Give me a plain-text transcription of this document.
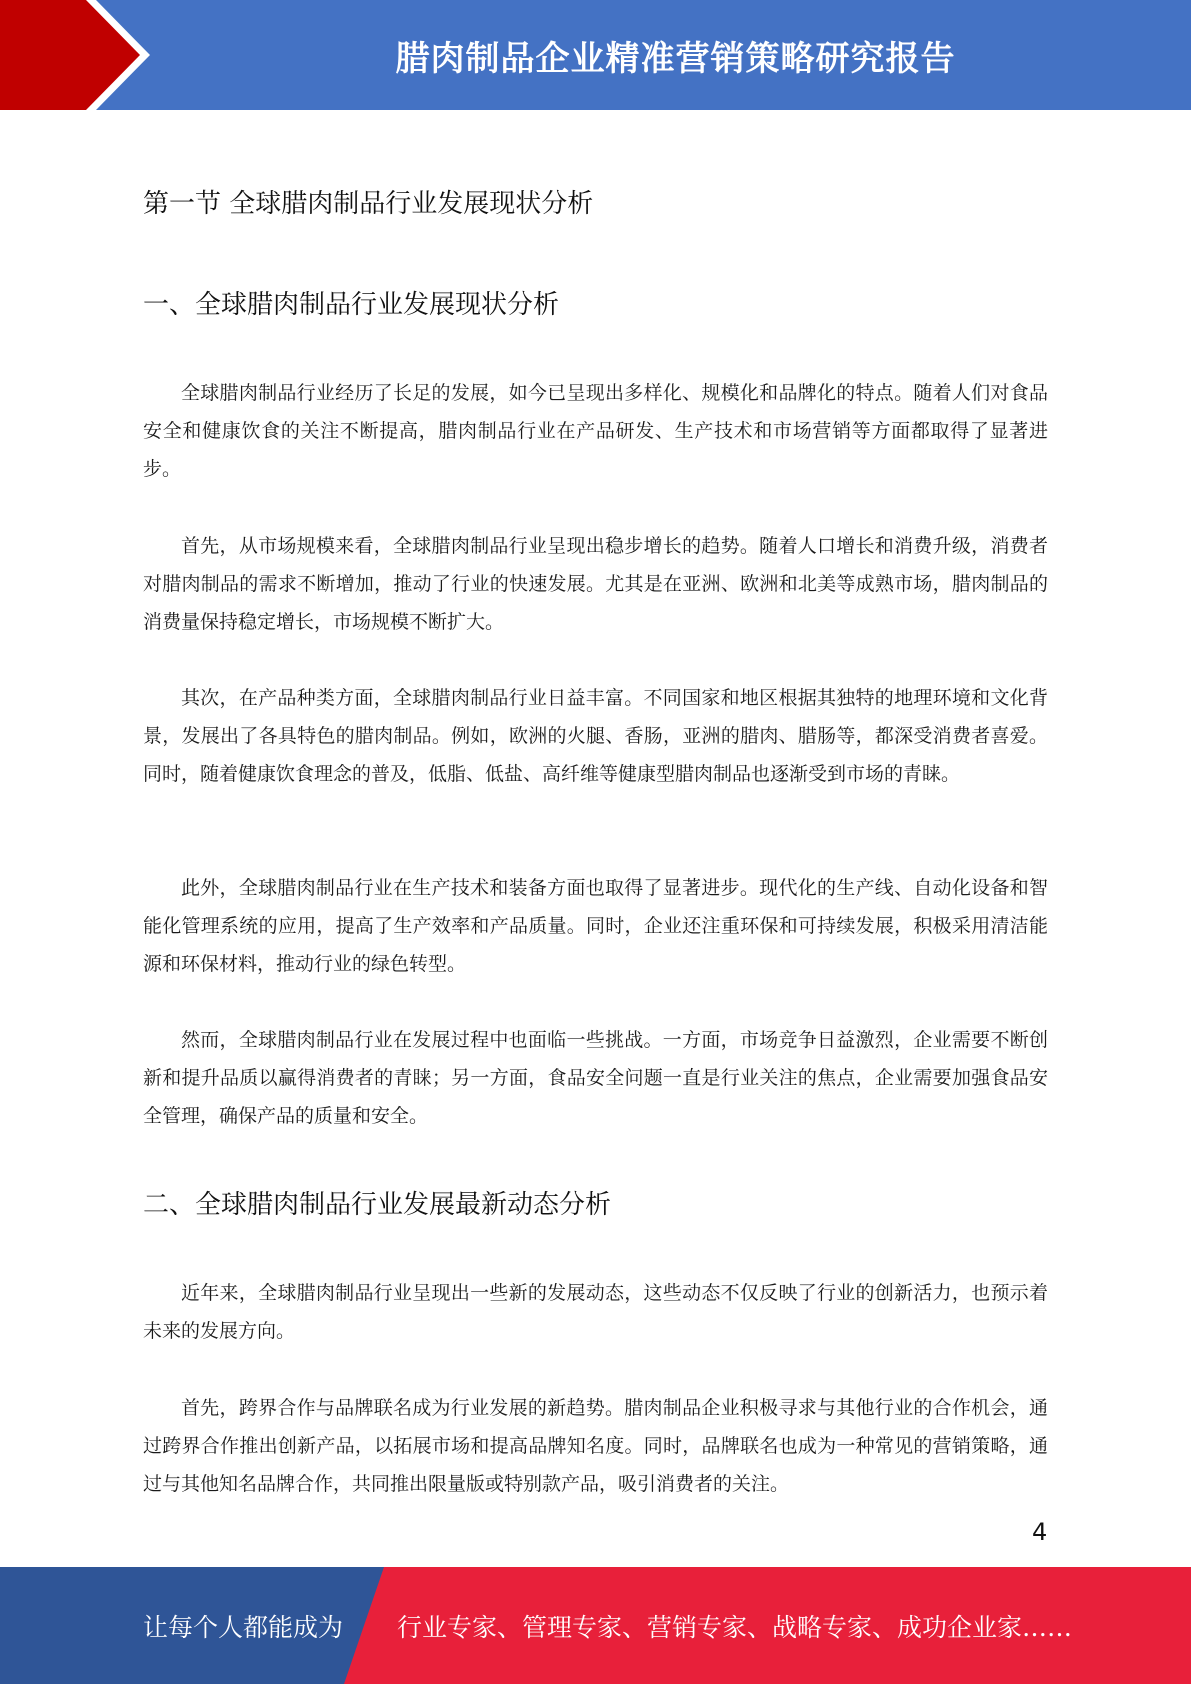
腊肉制品企业精准营销策略研究报告
第一节 全球腊肉制品行业发展现状分析
一、全球腊肉制品行业发展现状分析

全球腊肉制品行业经历了长足的发展，如今已呈现出多样化、规模化和品牌化的特点。随着人们对食品安全和健康饮食的关注不断提高，腊肉制品行业在产品研发、生产技术和市场营销等方面都取得了显著进步。

首先，从市场规模来看，全球腊肉制品行业呈现出稳步增长的趋势。随着人口增长和消费升级，消费者对腊肉制品的需求不断增加，推动了行业的快速发展。尤其是在亚洲、欧洲和北美等成熟市场，腊肉制品的消费量保持稳定增长，市场规模不断扩大。

其次，在产品种类方面，全球腊肉制品行业日益丰富。不同国家和地区根据其独特的地理环境和文化背景，发展出了各具特色的腊肉制品。例如，欧洲的火腿、香肠，亚洲的腊肉、腊肠等，都深受消费者喜爱。同时，随着健康饮食理念的普及，低脂、低盐、高纤维等健康型腊肉制品也逐渐受到市场的青睐。

此外，全球腊肉制品行业在生产技术和装备方面也取得了显著进步。现代化的生产线、自动化设备和智能化管理系统的应用，提高了生产效率和产品质量。同时，企业还注重环保和可持续发展，积极采用清洁能源和环保材料，推动行业的绿色转型。

然而，全球腊肉制品行业在发展过程中也面临一些挑战。一方面，市场竞争日益激烈，企业需要不断创新和提升品质以赢得消费者的青睐；另一方面，食品安全问题一直是行业关注的焦点，企业需要加强食品安全管理，确保产品的质量和安全。

二、全球腊肉制品行业发展最新动态分析

近年来，全球腊肉制品行业呈现出一些新的发展动态，这些动态不仅反映了行业的创新活力，也预示着未来的发展方向。

首先，跨界合作与品牌联名成为行业发展的新趋势。腊肉制品企业积极寻求与其他行业的合作机会，通过跨界合作推出创新产品，以拓展市场和提高品牌知名度。同时，品牌联名也成为一种常见的营销策略，通过与其他知名品牌合作，共同推出限量版或特别款产品，吸引消费者的关注。

4
让每个人都能成为 行业专家、管理专家、营销专家、战略专家、成功企业家……
